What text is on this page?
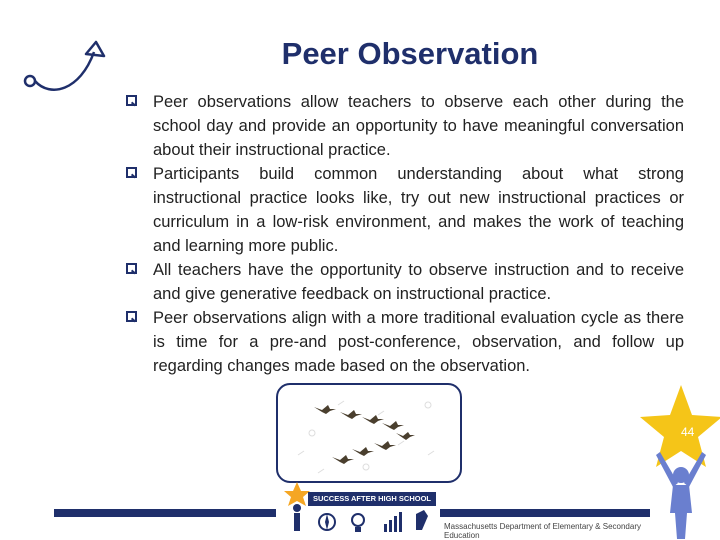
Peer Observation
Peer observations allow teachers to observe each other during the school day and provide an opportunity to have meaningful conversation about their instructional practice.
Participants build common understanding about what strong instructional practice looks like, try out new instructional practices or curriculum in a low-risk environment, and makes the work of teaching and learning more public.
All teachers have the opportunity to observe instruction and to receive and give generative feedback on instructional practice.
Peer observations align with a more traditional evaluation cycle as there is time for a pre-and post-conference, observation, and follow up regarding changes made based on the observation.
44
SUCCESS AFTER HIGH SCHOOL
Massachusetts Department of Elementary & Secondary Education
